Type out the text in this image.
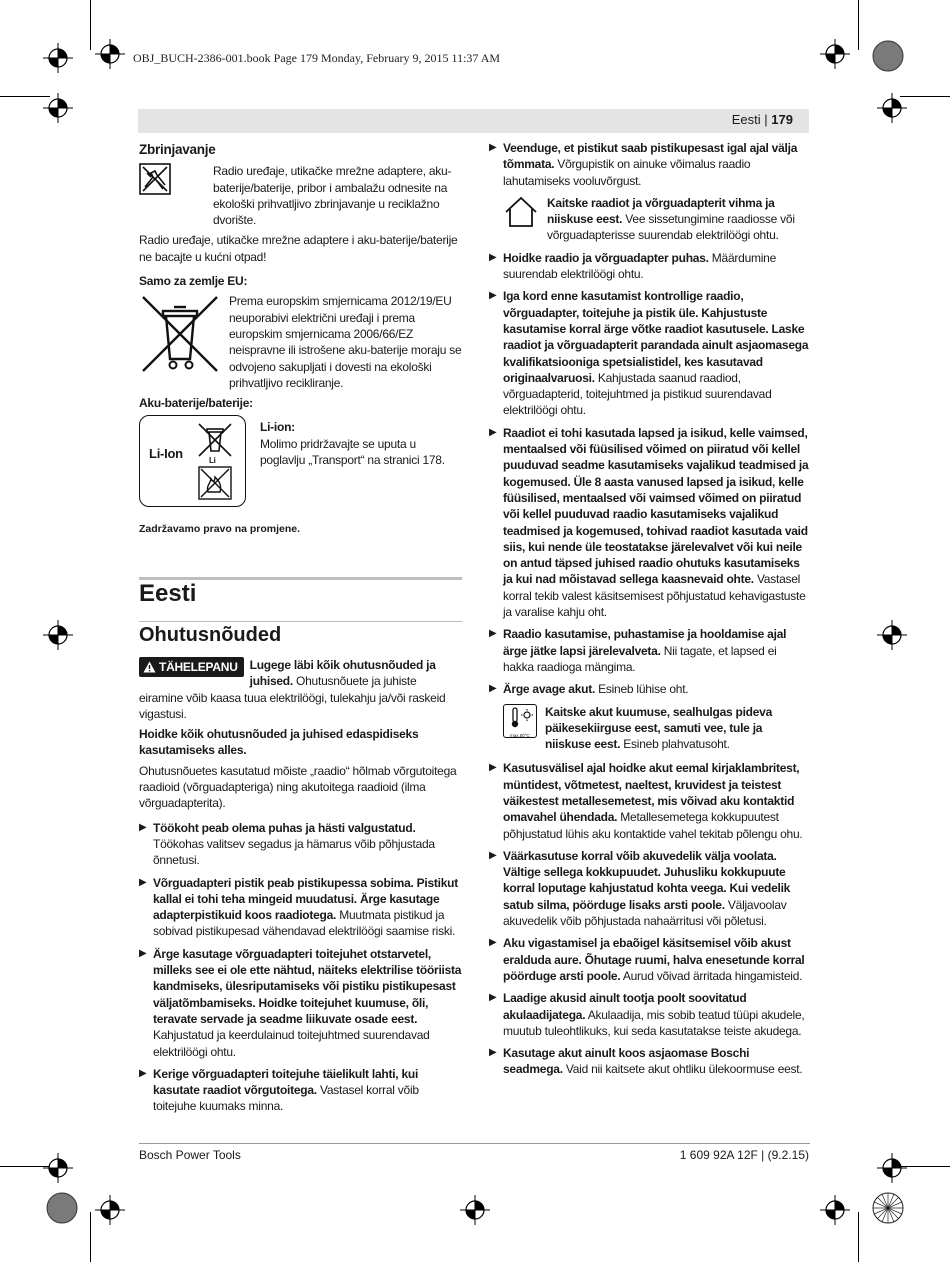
OBJ_BUCH-2386-001.book Page 179 Monday, February 9, 2015 11:37 AM
Eesti | 179
Zbrinjavanje
Radio uređaje, utikačke mrežne adaptere, aku-baterije/baterije, pribor i ambalažu odnesite na ekološki prihvatljivo zbrinjavanje u reciklažno dvorište.

Radio uređaje, utikačke mrežne adaptere i aku-baterije/baterije ne bacajte u kućni otpad!

Samo za zemlje EU:
Prema europskim smjernicama 2012/19/EU neuporabivi električni uređaji i prema europskim smjernicama 2006/66/EZ neispravne ili istrošene aku-baterije moraju se odvojeno sakupljati i dovesti na ekološki prihvatljivo recikliranje.
Aku-baterije/baterije:
Li-Ion	Li
Li-ion:
Molimo pridržavajte se uputa u poglavlju „Transport“ na stranici 178.
Zadržavamo pravo na promjene.
Eesti
Ohutusnõuded

TÄHELEPANU Lugege läbi kõik ohutusnõuded ja juhised. Ohutusnõuete ja juhiste eiramine võib kaasa tuua elektrilöögi, tulekahju ja/või raskeid vigastusi.

Hoidke kõik ohutusnõuded ja juhised edaspidiseks kasutamiseks alles.

Ohutusnõuetes kasutatud mõiste „raadio“ hõlmab võrgutoitega raadioid (võrguadapteriga) ning akutoitega raadioid (ilma võrguadapterita).

▶ Töökoht peab olema puhas ja hästi valgustatud. Töökohas valitsev segadus ja hämarus võib põhjustada õnnetusi.
▶ Võrguadapteri pistik peab pistikupessa sobima. Pistikut kallal ei tohi teha mingeid muudatusi. Ärge kasutage adapterpistikuid koos raadiotega. Muutmata pistikud ja sobivad pistikupesad vähendavad elektrilöögi saamise riski.
▶ Ärge kasutage võrguadapteri toitejuhet otstarvetel, milleks see ei ole ette nähtud, näiteks elektrilise tööriista kandmiseks, ülesriputamiseks või pistiku pistikupesast väljatõmbamiseks. Hoidke toitejuhet kuumuse, õli, teravate servade ja seadme liikuvate osade eest. Kahjustatud ja keerdulainud toitejuhtmed suurendavad elektrilöögi ohtu.
▶ Kerige võrguadapteri toitejuhe täielikult lahti, kui kasutate raadiot võrgutoitega. Vastasel korral võib toitejuhe kuumaks minna.
▶ Veenduge, et pistikut saab pistikupesast igal ajal välja tõmmata. Võrgupistik on ainuke võimalus raadio lahutamiseks vooluvõrgust.
Kaitske raadiot ja võrguadapterit vihma ja niiskuse eest. Vee sissetungimine raadiosse või võrguadapterisse suurendab elektrilöögi ohtu.
▶ Hoidke raadio ja võrguadapter puhas. Määrdumine suurendab elektrilöögi ohtu.
▶ Iga kord enne kasutamist kontrollige raadio, võrguadapter, toitejuhe ja pistik üle. Kahjustuste kasutamise korral ärge võtke raadiot kasutusele. Laske raadiot ja võrguadapterit parandada ainult asjaomasega kvalifikatsiooniga spetsialistidel, kes kasutavad originaalvaruosi. Kahjustada saanud raadiod, võrguadapterid, toitejuhtmed ja pistikud suurendavad elektrilöögi ohtu.
▶ Raadiot ei tohi kasutada lapsed ja isikud, kelle vaimsed, mentaalsed või füüsilised võimed on piiratud või kellel puuduvad seadme kasutamiseks vajalikud teadmised ja kogemused. Üle 8 aasta vanused lapsed ja isikud, kelle füüsilised, mentaalsed või vaimsed võimed on piiratud või kellel puuduvad raadio kasutamiseks vajalikud teadmised ja kogemused, tohivad raadiot kasutada vaid siis, kui nende üle teostatakse järelevalvet või kui neile on antud täpsed juhised raadio ohutuks kasutamiseks ja kui nad mõistavad sellega kaasnevaid ohte. Vastasel korral tekib valest käsitsemisest põhjustatud kehavigastuste ja varalise kahju oht.
▶ Raadio kasutamise, puhastamise ja hooldamise ajal ärge jätke lapsi järelevalveta. Nii tagate, et lapsed ei hakka raadioga mängima.
▶ Ärge avage akut. Esineb lühise oht.
max.50°C
Kaitske akut kuumuse, sealhulgas pideva päikesekiirguse eest, samuti vee, tule ja niiskuse eest. Esineb plahvatusoht.
▶ Kasutusvälisel ajal hoidke akut eemal kirjaklambritest, müntidest, võtmetest, naeltest, kruvidest ja teistest väikestest metallesemetest, mis võivad aku kontaktid omavahel ühendada. Metallesemetega kokkupuutest põhjustatud lühis aku kontaktide vahel tekitab põlengu ohu.
▶ Väärkasutuse korral võib akuvedelik välja voolata. Vältige sellega kokkupuudet. Juhusliku kokkupuute korral loputage kahjustatud kohta veega. Kui vedelik satub silma, pöörduge lisaks arsti poole. Väljavoolav akuvedelik võib põhjustada nahaärritusi või põletusi.
▶ Aku vigastamisel ja ebaõigel käsitsemisel võib akust eralduda aure. Õhutage ruumi, halva enesetunde korral pöörduge arsti poole. Aurud võivad ärritada hingamisteid.
▶ Laadige akusid ainult tootja poolt soovitatud akulaadijatega. Akulaadija, mis sobib teatud tüüpi akudele, muutub tuleohtlikuks, kui seda kasutatakse teiste akudega.
▶ Kasutage akut ainult koos asjaomase Boschi seadmega. Vaid nii kaitsete akut ohtliku ülekoormuse eest.
Bosch Power Tools	1 609 92A 12F | (9.2.15)
